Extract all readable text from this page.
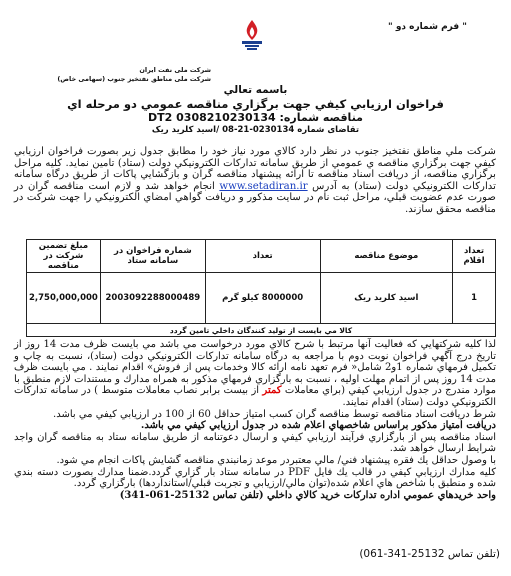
" فرم شماره دو "
شرکت ملی نفت ایران
شرکت ملی مناطق نفتخیز جنوب (سهامی خاص)
باسمه تعالي
فراخوان ارزيابي كيفي جهت برگزاري مناقصه عمومي دو مرحله اي
مناقصه شماره: 0308210230134 DT2
تقاضای شماره 0230134-21-08 /اسید کلرید ریک
شركت ملي مناطق نفتخيز جنوب در نظر دارد كالاي مورد نياز خود را مطابق جدول زير بصورت فراخوان ارزيابي كيفي جهت برگزاري مناقصه ي عمومي از طريق سامانه تداركات الكترونيكي دولت (ستاد) تامين نمايد. كليه مراحل برگزاري مناقصه، از دريافت اسناد مناقصه تا ارائه پيشنهاد مناقصه گران و بازگشايي پاكات از طريق درگاه سامانه تداركات الكترونيكي دولت (ستاد) به آدرس www.setadiran.ir انجام خواهد شد و لازم است مناقصه گران در صورت عدم عضويت قبلي، مراحل ثبت نام در سايت مذكور و دريافت گواهي امضاي الكترونيكي را جهت شركت در مناقصه محقق سازند.
تعداد اقلام	موضوع مناقصه	تعداد	شماره فراخوان در سامانه ستاد	مبلغ تضمين شركت در مناقصه
1	اسيد كلريد ريک	8000000 كيلو گرم	2003092288000489	2,750,000,000
كالا مي بايست از توليد كنندگان داخلي تامين گردد				
لذا كليه شركتهايي كه فعاليت آنها مرتبط با شرح كالاي مورد درخواست مي باشد مي بايست ظرف مدت 14 روز از تاريخ درج آگهي فراخوان نوبت دوم با مراجعه به درگاه سامانه تداركات الكترونيكي دولت (ستاد)، نسبت به چاپ و تكميل فرمهاي شماره 1و2 شامل« فرم تعهد نامه ارائه كالا وخدمات پس از فروش» اقدام نمايند . مي بايست ظرف مدت 14 روز پس از اتمام مهلت اوليه ، نسبت به بارگزاري فرمهاي مذكور به همراه مدارك و مستندات لازم منطبق با موارد مندرج در جدول ارزيابي كيفي (براي معاملات كمتر از بيست برابر نصاب معاملات متوسط ) در سامانه تداركات الكترونيكي دولت (ستاد) اقدام نمايند.
شرط دريافت اسناد مناقصه توسط مناقصه گران كسب امتياز حداقل 60 از 100 در ارزيابي كيفي مي باشد.
دريافت امتياز مذكور براساس شاخصهاي اعلام شده در جدول ارزيابي كيفي مي باشد.
اسناد مناقصه پس از بارگزاري فرآيند ارزيابي كيفي و ارسال دعوتنامه از طريق سامانه ستاد به مناقصه گران واجد شرايط ارسال خواهد شد.
با وصول حداقل يك فقره پيشنهاد فني/ مالي معتبردر موعد زمانبندي مناقصه گشايش پاكات انجام مي شود.
كليه مدارك ارزيابي كيفي در قالب يك فايل PDF در سامانه ستاد بار گزاري گردد.ضمنا مدارك بصورت دسته بندي شده و منطبق با شاخص هاي اعلام شده(توان مالي/ارزيابي و تجربت قبلي/استانداردها) بارگزاري گردد.
واحد خريدهاي عمومي اداره تداركات خريد كالاي داخلي (تلفن تماس 25132-061-341)
(تلفن تماس 25132-341-061)
